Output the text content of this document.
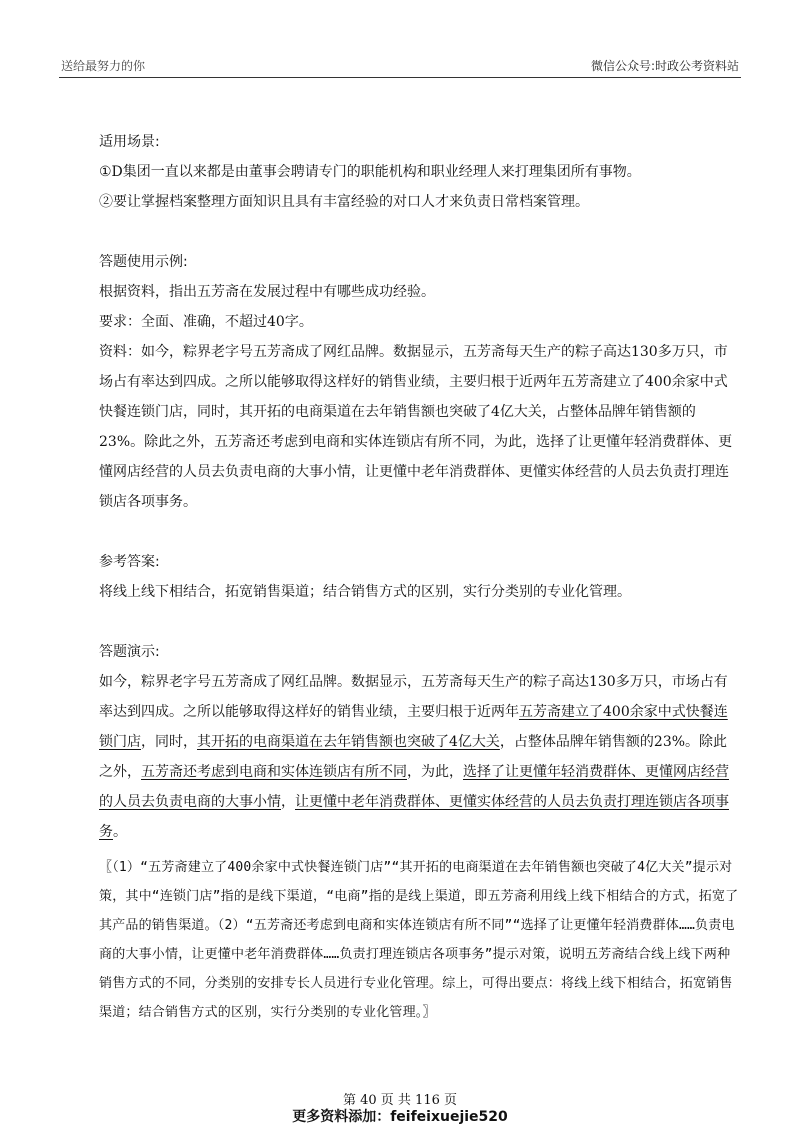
送给最努力的你	微信公众号:时政公考资料站

适用场景:

①D集团一直以来都是由董事会聘请专门的职能机构和职业经理人来打理集团所有事物。

②要让掌握档案整理方面知识且具有丰富经验的对口人才来负责日常档案管理。

答题使用示例:

根据资料，指出五芳斋在发展过程中有哪些成功经验。

要求：全面、准确，不超过40字。

资料：如今，粽界老字号五芳斋成了网红品牌。数据显示，五芳斋每天生产的粽子高达130多万只，市场占有率达到四成。之所以能够取得这样好的销售业绩，主要归根于近两年五芳斋建立了400余家中式快餐连锁门店，同时，其开拓的电商渠道在去年销售额也突破了4亿大关，占整体品牌年销售额的23%。除此之外，五芳斋还考虑到电商和实体连锁店有所不同，为此，选择了让更懂年轻消费群体、更懂网店经营的人员去负责电商的大事小情，让更懂中老年消费群体、更懂实体经营的人员去负责打理连锁店各项事务。

参考答案:

将线上线下相结合，拓宽销售渠道；结合销售方式的区别，实行分类别的专业化管理。

答题演示:

如今，粽界老字号五芳斋成了网红品牌。数据显示，五芳斋每天生产的粽子高达130多万只，市场占有率达到四成。之所以能够取得这样好的销售业绩，主要归根于近两年五芳斋建立了400余家中式快餐连锁门店，同时，其开拓的电商渠道在去年销售额也突破了4亿大关，占整体品牌年销售额的23%。除此之外，五芳斋还考虑到电商和实体连锁店有所不同，为此，选择了让更懂年轻消费群体、更懂网店经营的人员去负责电商的大事小情，让更懂中老年消费群体、更懂实体经营的人员去负责打理连锁店各项事务。

〖（1）“五芳斋建立了400余家中式快餐连锁门店”“其开拓的电商渠道在去年销售额也突破了4亿大关”提示对策，其中“连锁门店”指的是线下渠道，“电商”指的是线上渠道，即五芳斋利用线上线下相结合的方式，拓宽了其产品的销售渠道。（2）“五芳斋还考虑到电商和实体连锁店有所不同”“选择了让更懂年轻消费群体……负责电商的大事小情，让更懂中老年消费群体……负责打理连锁店各项事务”提示对策，说明五芳斋结合线上线下两种销售方式的不同，分类别的安排专长人员进行专业化管理。综上，可得出要点：将线上线下相结合，拓宽销售渠道；结合销售方式的区别，实行分类别的专业化管理。〗

第 40 页 共 116 页
更多资料添加：feifeixuejie520
